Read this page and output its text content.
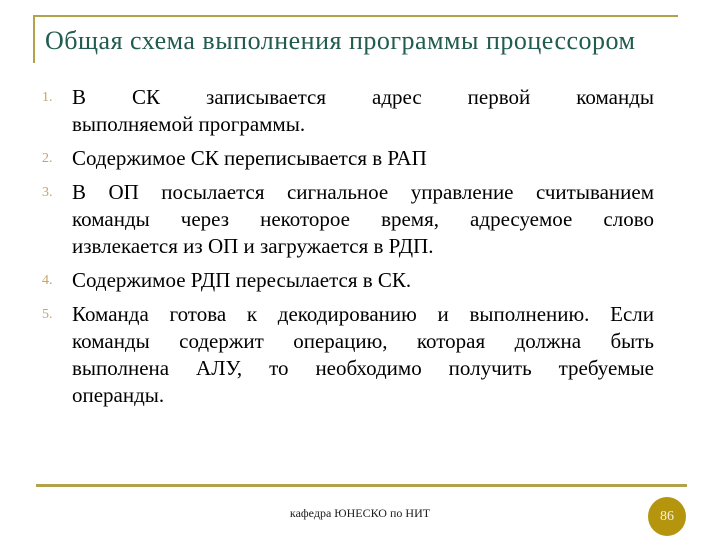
Общая схема выполнения программы процессором
1. В СК записывается адрес первой команды
выполняемой программы.
2. Содержимое СК переписывается в РАП
3. В ОП посылается сигнальное управление считыванием
команды через некоторое время, адресуемое слово
извлекается из ОП и загружается в РДП.
4. Содержимое РДП пересылается в СК.
5. Команда готова к декодированию и выполнению. Если
команды содержит операцию, которая должна быть
выполнена АЛУ, то необходимо получить требуемые
операнды.
кафедра ЮНЕСКО по НИТ	86
